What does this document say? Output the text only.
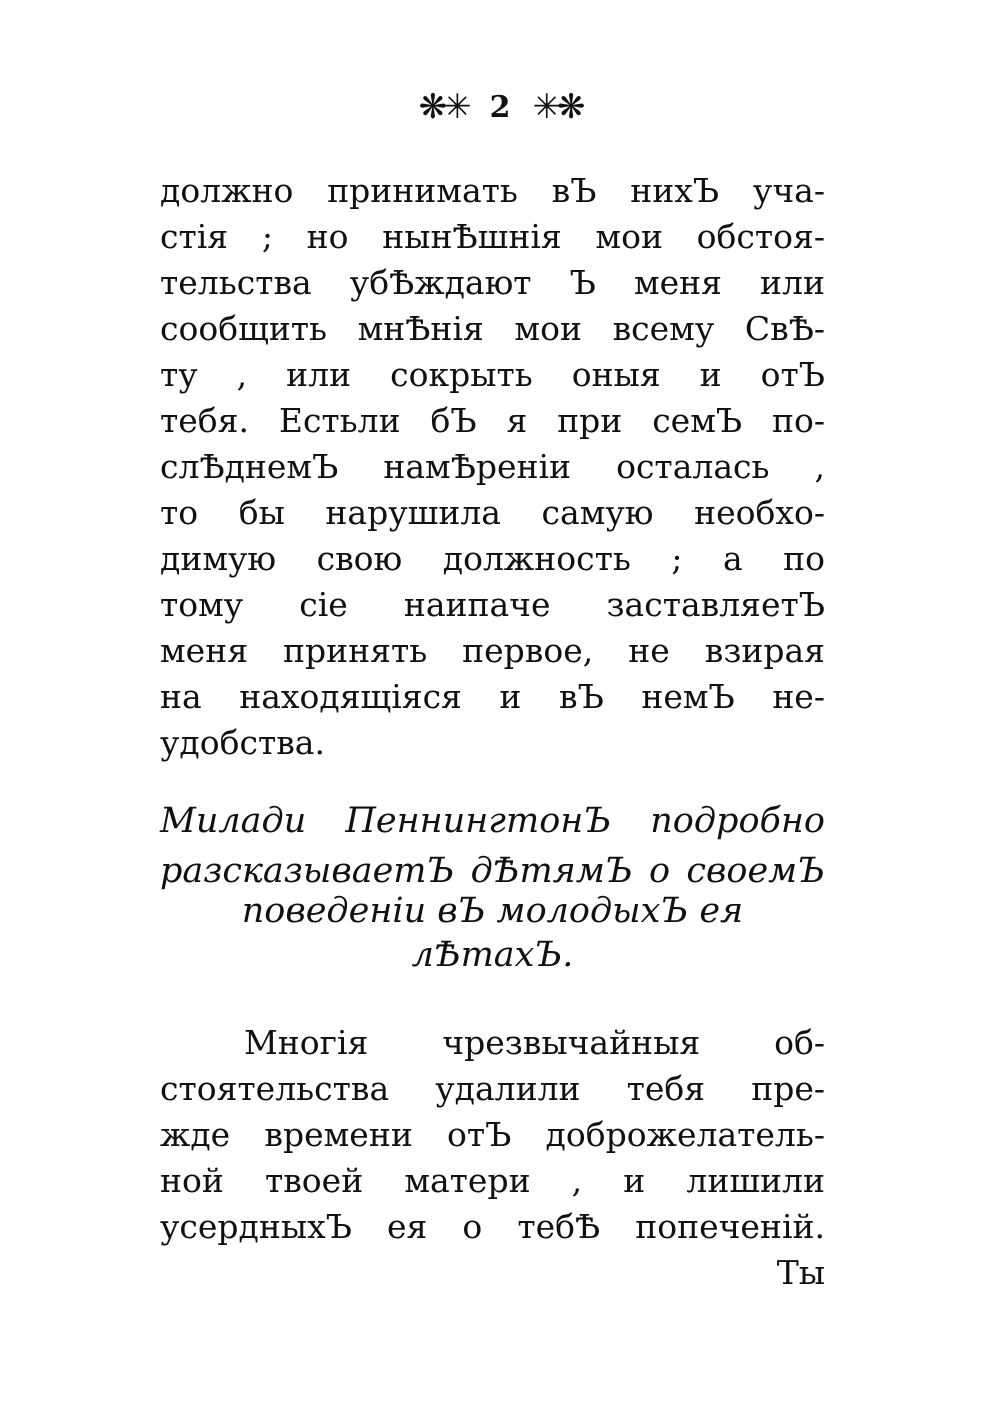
❋✳ 2 ✳❋
должно принимать вЪ нихЪ уча-
стія ; но нынѢшнія мои обстоя-
тельства убѢждают Ъ меня или
сообщить мнѢнія мои всему СвѢ-
ту , или сокрыть оныя и отЪ
тебя. Естьли бЪ я при семЪ по-
слѢднемЪ намѢреніи осталась ,
то бы нарушила самую необхо-
димую свою должность ; а по
тому сіе наипаче заставляетЪ
меня принять первое, не взирая
на находящіяся и вЪ немЪ не-
удобства.
Милади ПеннингтонЪ подробно
разсказываетЪ дѢтямЪ о своемЪ
поведеніи вЪ молодыхЪ ея
лѢтахЪ.
Многія чрезвычайныя об-
стоятельства удалили тебя пре-
жде времени отЪ доброжелатель-
ной твоей матери , и лишили
усердныхЪ ея о тебѢ попеченій.
Ты
